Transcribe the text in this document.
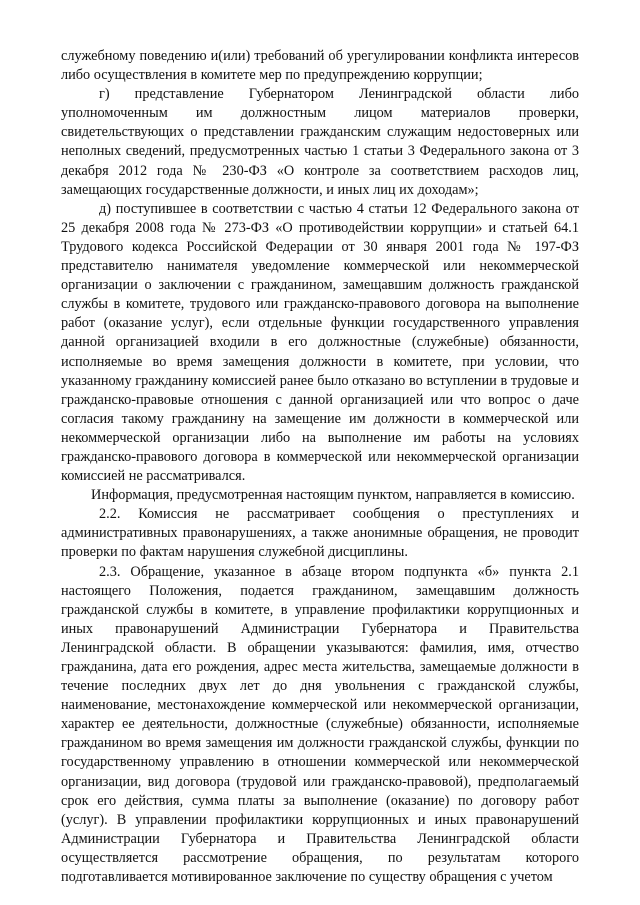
служебному поведению и(или) требований об урегулировании конфликта интересов либо осуществления в комитете мер по предупреждению коррупции;

г) представление Губернатором Ленинградской области либо уполномоченным им должностным лицом материалов проверки, свидетельствующих о представлении гражданским служащим недостоверных или неполных сведений, предусмотренных частью 1 статьи 3 Федерального закона от 3 декабря 2012 года № 230-ФЗ «О контроле за соответствием расходов лиц, замещающих государственные должности, и иных лиц их доходам»;

д) поступившее в соответствии с частью 4 статьи 12 Федерального закона от 25 декабря 2008 года № 273-ФЗ «О противодействии коррупции» и статьей 64.1 Трудового кодекса Российской Федерации от 30 января 2001 года № 197-ФЗ представителю нанимателя уведомление коммерческой или некоммерческой организации о заключении с гражданином, замещавшим должность гражданской службы в комитете, трудового или гражданско-правового договора на выполнение работ (оказание услуг), если отдельные функции государственного управления данной организацией входили в его должностные (служебные) обязанности, исполняемые во время замещения должности в комитете, при условии, что указанному гражданину комиссией ранее было отказано во вступлении в трудовые и гражданско-правовые отношения с данной организацией или что вопрос о даче согласия такому гражданину на замещение им должности в коммерческой или некоммерческой организации либо на выполнение им работы на условиях гражданско-правового договора в коммерческой или некоммерческой организации комиссией не рассматривался.

Информация, предусмотренная настоящим пунктом, направляется в комиссию.

2.2. Комиссия не рассматривает сообщения о преступлениях и административных правонарушениях, а также анонимные обращения, не проводит проверки по фактам нарушения служебной дисциплины.

2.3. Обращение, указанное в абзаце втором подпункта «б» пункта 2.1 настоящего Положения, подается гражданином, замещавшим должность гражданской службы в комитете, в управление профилактики коррупционных и иных правонарушений Администрации Губернатора и Правительства Ленинградской области. В обращении указываются: фамилия, имя, отчество гражданина, дата его рождения, адрес места жительства, замещаемые должности в течение последних двух лет до дня увольнения с гражданской службы, наименование, местонахождение коммерческой или некоммерческой организации, характер ее деятельности, должностные (служебные) обязанности, исполняемые гражданином во время замещения им должности гражданской службы, функции по государственному управлению в отношении коммерческой или некоммерческой организации, вид договора (трудовой или гражданско-правовой), предполагаемый срок его действия, сумма платы за выполнение (оказание) по договору работ (услуг). В управлении профилактики коррупционных и иных правонарушений Администрации Губернатора и Правительства Ленинградской области осуществляется рассмотрение обращения, по результатам которого подготавливается мотивированное заключение по существу обращения с учетом
